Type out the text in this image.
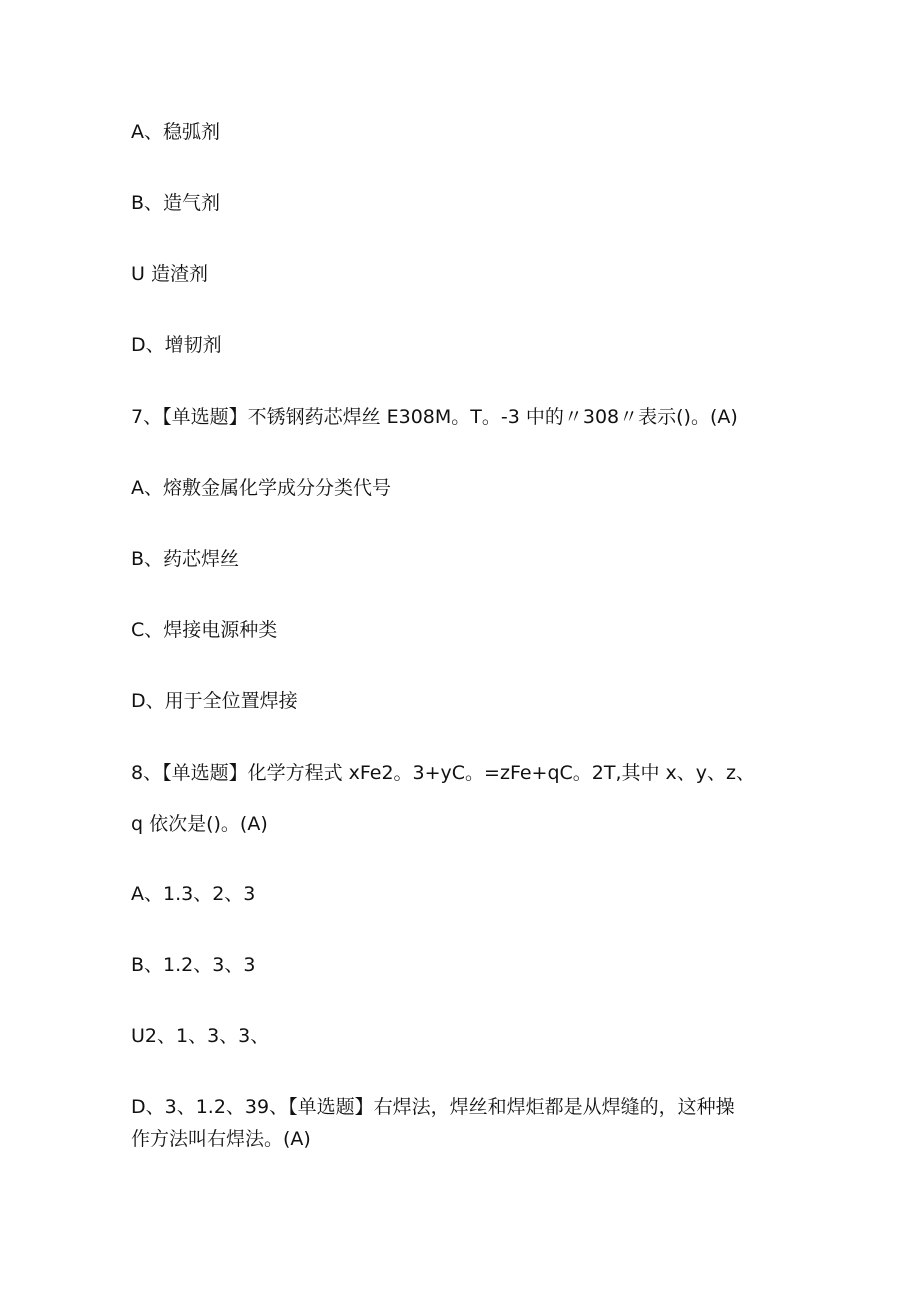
A、稳弧剂

B、造气剂

U 造渣剂

D、增韧剂

7、【单选题】不锈钢药芯焊丝 E308M。T。-3 中的〃308〃表示()。(A)

A、熔敷金属化学成分分类代号

B、药芯焊丝

C、焊接电源种类

D、用于全位置焊接

8、【单选题】化学方程式 xFe2。3+yC。=zFe+qC。2T,其中 x、y、z、

q 依次是()。(A)

A、1.3、2、3

B、1.2、3、3

U2、1、3、3、

D、3、1.2、39、【单选题】右焊法，焊丝和焊炬都是从焊缝的，这种操

作方法叫右焊法。(A)
